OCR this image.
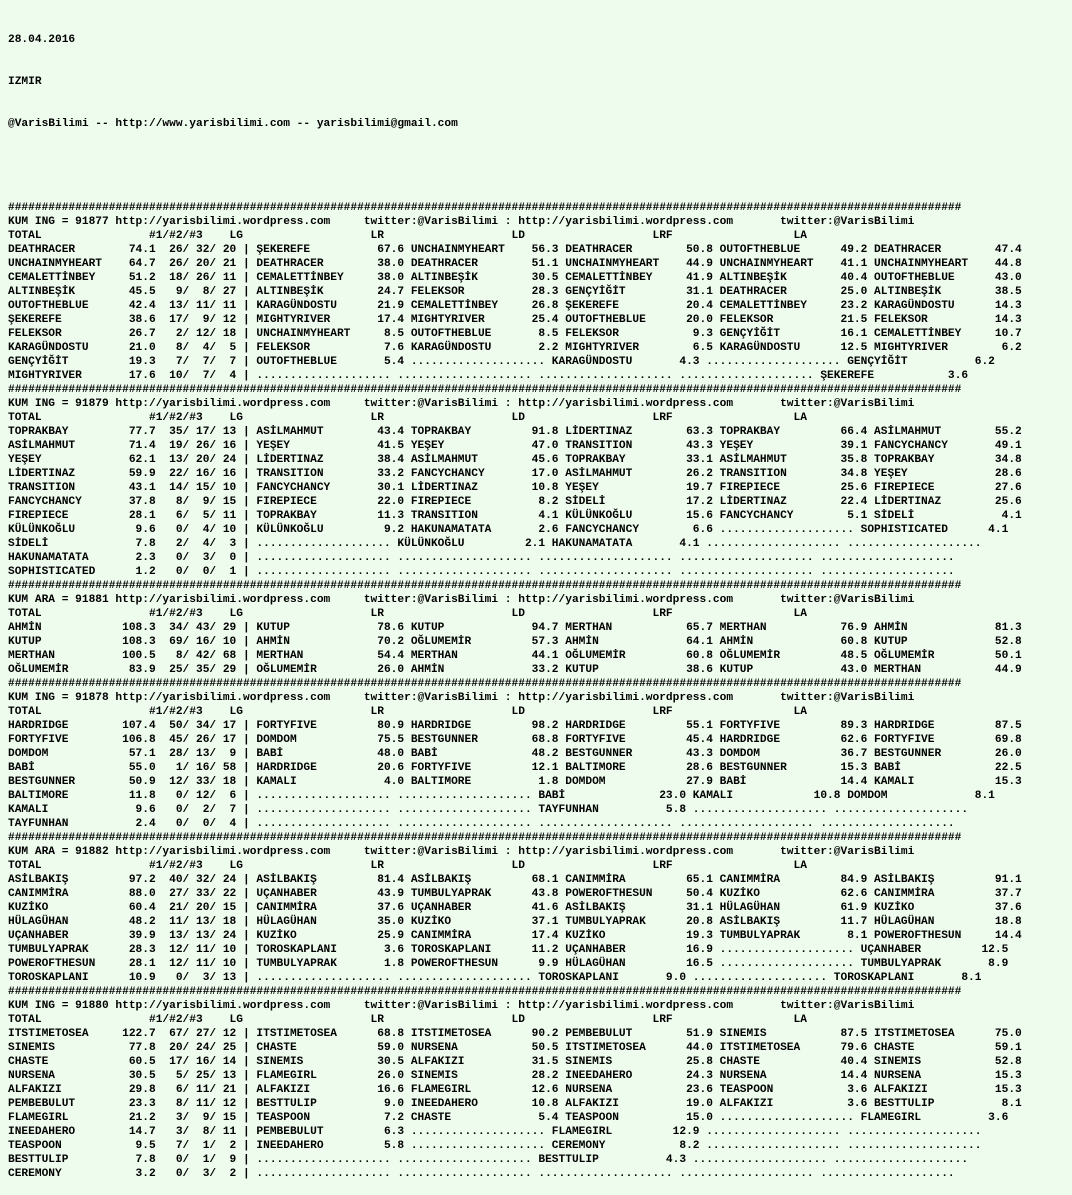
28.04.2016

IZMIR

@VarisBilimi -- http://www.yarisbilimi.com -- yarisbilimi@gmail.com

##############################################################################################################################################
KUM ING = 91877 http://yarisbilimi.wordpress.com     twitter:@VarisBilimi : http://yarisbilimi.wordpress.com       twitter:@VarisBilimi
TOTAL                #1/#2/#3    LG                   LR                   LD                   LRF                  LA
DEATHRACER        74.1  26/ 32/ 20 | ŞEKEREFE          67.6 UNCHAINMYHEART    56.3 DEATHRACER        50.8 OUTOFTHEBLUE      49.2 DEATHRACER        47.4
UNCHAINMYHEART    64.7  26/ 20/ 21 | DEATHRACER        38.0 DEATHRACER        51.1 UNCHAINMYHEART    44.9 UNCHAINMYHEART    41.1 UNCHAINMYHEART    44.8
CEMALETTİNBEY     51.2  18/ 26/ 11 | CEMALETTİNBEY     38.0 ALTINBEŞİK        30.5 CEMALETTİNBEY     41.9 ALTINBEŞİK        40.4 OUTOFTHEBLUE      43.0
ALTINBEŞİK        45.5   9/  8/ 27 | ALTINBEŞİK        24.7 FELEKSOR          28.3 GENÇYİĞİT         31.1 DEATHRACER        25.0 ALTINBEŞİK        38.5
OUTOFTHEBLUE      42.4  13/ 11/ 11 | KARAGÜNDOSTU      21.9 CEMALETTİNBEY     26.8 ŞEKEREFE          20.4 CEMALETTİNBEY     23.2 KARAGÜNDOSTU      14.3
ŞEKEREFE          38.6  17/  9/ 12 | MIGHTYRIVER       17.4 MIGHTYRIVER       25.4 OUTOFTHEBLUE      20.0 FELEKSOR          21.5 FELEKSOR          14.3
FELEKSOR          26.7   2/ 12/ 18 | UNCHAINMYHEART     8.5 OUTOFTHEBLUE       8.5 FELEKSOR           9.3 GENÇYİĞİT         16.1 CEMALETTİNBEY     10.7
KARAGÜNDOSTU      21.0   8/  4/  5 | FELEKSOR           7.6 KARAGÜNDOSTU       2.2 MIGHTYRIVER        6.5 KARAGÜNDOSTU      12.5 MIGHTYRIVER        6.2
GENÇYİĞİT         19.3   7/  7/  7 | OUTOFTHEBLUE       5.4 .................... KARAGÜNDOSTU       4.3 .................... GENÇYİĞİT          6.2
MIGHTYRIVER       17.6  10/  7/  4 | .................... .................... .................... .................... ŞEKEREFE           3.6
##############################################################################################################################################
KUM ING = 91879 http://yarisbilimi.wordpress.com     twitter:@VarisBilimi : http://yarisbilimi.wordpress.com       twitter:@VarisBilimi
TOTAL                #1/#2/#3    LG                   LR                   LD                   LRF                  LA
TOPRAKBAY         77.7  35/ 17/ 13 | ASİLMAHMUT        43.4 TOPRAKBAY         91.8 LİDERTINAZ        63.3 TOPRAKBAY         66.4 ASİLMAHMUT        55.2
ASİLMAHMUT        71.4  19/ 26/ 16 | YEŞEY             41.5 YEŞEY             47.0 TRANSITION        43.3 YEŞEY             39.1 FANCYCHANCY       49.1
YEŞEY             62.1  13/ 20/ 24 | LİDERTINAZ        38.4 ASİLMAHMUT        45.6 TOPRAKBAY         33.1 ASİLMAHMUT        35.8 TOPRAKBAY         34.8
LİDERTINAZ        59.9  22/ 16/ 16 | TRANSITION        33.2 FANCYCHANCY       17.0 ASİLMAHMUT        26.2 TRANSITION        34.8 YEŞEY             28.6
TRANSITION        43.1  14/ 15/ 10 | FANCYCHANCY       30.1 LİDERTINAZ        10.8 YEŞEY             19.7 FIREPIECE         25.6 FIREPIECE         27.6
FANCYCHANCY       37.8   8/  9/ 15 | FIREPIECE         22.0 FIREPIECE          8.2 SİDELİ            17.2 LİDERTINAZ        22.4 LİDERTINAZ        25.6
FIREPIECE         28.1   6/  5/ 11 | TOPRAKBAY         11.3 TRANSITION         4.1 KÜLÜNKOĞLU        15.6 FANCYCHANCY        5.1 SİDELİ             4.1
KÜLÜNKOĞLU         9.6   0/  4/ 10 | KÜLÜNKOĞLU         9.2 HAKUNAMATATA       2.6 FANCYCHANCY        6.6 .................... SOPHISTICATED      4.1
SİDELİ             7.8   2/  4/  3 | .................... KÜLÜNKOĞLU         2.1 HAKUNAMATATA       4.1 .................... ....................
HAKUNAMATATA       2.3   0/  3/  0 | .................... .................... .................... .................... ....................
SOPHISTICATED      1.2   0/  0/  1 | .................... .................... .................... .................... ....................
##############################################################################################################################################
KUM ARA = 91881 http://yarisbilimi.wordpress.com     twitter:@VarisBilimi : http://yarisbilimi.wordpress.com       twitter:@VarisBilimi
TOTAL                #1/#2/#3    LG                   LR                   LD                   LRF                  LA
AHMİN            108.3  34/ 43/ 29 | KUTUP             78.6 KUTUP             94.7 MERTHAN           65.7 MERTHAN           76.9 AHMİN             81.3
KUTUP            108.3  69/ 16/ 10 | AHMİN             70.2 OĞLUMEMİR         57.3 AHMİN             64.1 AHMİN             60.8 KUTUP             52.8
MERTHAN          100.5   8/ 42/ 68 | MERTHAN           54.4 MERTHAN           44.1 OĞLUMEMİR         60.8 OĞLUMEMİR         48.5 OĞLUMEMİR         50.1
OĞLUMEMİR         83.9  25/ 35/ 29 | OĞLUMEMİR         26.0 AHMİN             33.2 KUTUP             38.6 KUTUP             43.0 MERTHAN           44.9
##############################################################################################################################################
KUM ING = 91878 http://yarisbilimi.wordpress.com     twitter:@VarisBilimi : http://yarisbilimi.wordpress.com       twitter:@VarisBilimi
TOTAL                #1/#2/#3    LG                   LR                   LD                   LRF                  LA
HARDRIDGE        107.4  50/ 34/ 17 | FORTYFIVE         80.9 HARDRIDGE         98.2 HARDRIDGE         55.1 FORTYFIVE         89.3 HARDRIDGE         87.5
FORTYFIVE        106.8  45/ 26/ 17 | DOMDOM            75.5 BESTGUNNER        68.8 FORTYFIVE         45.4 HARDRIDGE         62.6 FORTYFIVE         69.8
DOMDOM            57.1  28/ 13/  9 | BABİ              48.0 BABİ              48.2 BESTGUNNER        43.3 DOMDOM            36.7 BESTGUNNER        26.0
BABİ              55.0   1/ 16/ 58 | HARDRIDGE         20.6 FORTYFIVE         12.1 BALTIMORE         28.6 BESTGUNNER        15.3 BABİ              22.5
BESTGUNNER        50.9  12/ 33/ 18 | KAMALI             4.0 BALTIMORE          1.8 DOMDOM            27.9 BABİ              14.4 KAMALI            15.3
BALTIMORE         11.8   0/ 12/  6 | .................... .................... BABİ              23.0 KAMALI            10.8 DOMDOM             8.1
KAMALI             9.6   0/  2/  7 | .................... .................... TAYFUNHAN          5.8 .................... ....................
TAYFUNHAN          2.4   0/  0/  4 | .................... .................... .................... .................... ....................
##############################################################################################################################################
KUM ARA = 91882 http://yarisbilimi.wordpress.com     twitter:@VarisBilimi : http://yarisbilimi.wordpress.com       twitter:@VarisBilimi
TOTAL                #1/#2/#3    LG                   LR                   LD                   LRF                  LA
ASİLBAKIŞ         97.2  40/ 32/ 24 | ASİLBAKIŞ         81.4 ASİLBAKIŞ         68.1 CANIMMİRA         65.1 CANIMMİRA         84.9 ASİLBAKIŞ         91.1
CANIMMİRA         88.0  27/ 33/ 22 | UÇANHABER         43.9 TUMBULYAPRAK      43.8 POWEROFTHESUN     50.4 KUZİKO            62.6 CANIMMİRA         37.7
KUZİKO            60.4  21/ 20/ 15 | CANIMMİRA         37.6 UÇANHABER         41.6 ASİLBAKIŞ         31.1 HÜLAGÜHAN         61.9 KUZİKO            37.6
HÜLAGÜHAN         48.2  11/ 13/ 18 | HÜLAGÜHAN         35.0 KUZİKO            37.1 TUMBULYAPRAK      20.8 ASİLBAKIŞ         11.7 HÜLAGÜHAN         18.8
UÇANHABER         39.9  13/ 13/ 24 | KUZİKO            25.9 CANIMMİRA         17.4 KUZİKO            19.3 TUMBULYAPRAK       8.1 POWEROFTHESUN     14.4
TUMBULYAPRAK      28.3  12/ 11/ 10 | TOROSKAPLANI       3.6 TOROSKAPLANI      11.2 UÇANHABER         16.9 .................... UÇANHABER         12.5
POWEROFTHESUN     28.1  12/ 11/ 10 | TUMBULYAPRAK       1.8 POWEROFTHESUN      9.9 HÜLAGÜHAN         16.5 .................... TUMBULYAPRAK       8.9
TOROSKAPLANI      10.9   0/  3/ 13 | .................... .................... TOROSKAPLANI       9.0 .................... TOROSKAPLANI       8.1
##############################################################################################################################################
KUM ING = 91880 http://yarisbilimi.wordpress.com     twitter:@VarisBilimi : http://yarisbilimi.wordpress.com       twitter:@VarisBilimi
TOTAL                #1/#2/#3    LG                   LR                   LD                   LRF                  LA
ITSTIMETOSEA     122.7  67/ 27/ 12 | ITSTIMETOSEA      68.8 ITSTIMETOSEA      90.2 PEMBEBULUT        51.9 SINEMIS           87.5 ITSTIMETOSEA      75.0
SINEMIS           77.8  20/ 24/ 25 | CHASTE            59.0 NURSENA           50.5 ITSTIMETOSEA      44.0 ITSTIMETOSEA      79.6 CHASTE            59.1
CHASTE            60.5  17/ 16/ 14 | SINEMIS           30.5 ALFAKIZI          31.5 SINEMIS           25.8 CHASTE            40.4 SINEMIS           52.8
NURSENA           30.5   5/ 25/ 13 | FLAMEGIRL         26.0 SINEMIS           28.2 INEEDAHERO        24.3 NURSENA           14.4 NURSENA           15.3
ALFAKIZI          29.8   6/ 11/ 21 | ALFAKIZI          16.6 FLAMEGIRL         12.6 NURSENA           23.6 TEASPOON           3.6 ALFAKIZI          15.3
PEMBEBULUT        23.3   8/ 11/ 12 | BESTTULIP          9.0 INEEDAHERO        10.8 ALFAKIZI          19.0 ALFAKIZI           3.6 BESTTULIP          8.1
FLAMEGIRL         21.2   3/  9/ 15 | TEASPOON           7.2 CHASTE             5.4 TEASPOON          15.0 .................... FLAMEGIRL          3.6
INEEDAHERO        14.7   3/  8/ 11 | PEMBEBULUT         6.3 .................... FLAMEGIRL         12.9 .................... ....................
TEASPOON           9.5   7/  1/  2 | INEEDAHERO         5.8 .................... CEREMONY           8.2 .................... ....................
BESTTULIP          7.8   0/  1/  9 | .................... .................... BESTTULIP          4.3 .................... ....................
CEREMONY           3.2   0/  3/  2 | .................... .................... .................... .................... ....................
